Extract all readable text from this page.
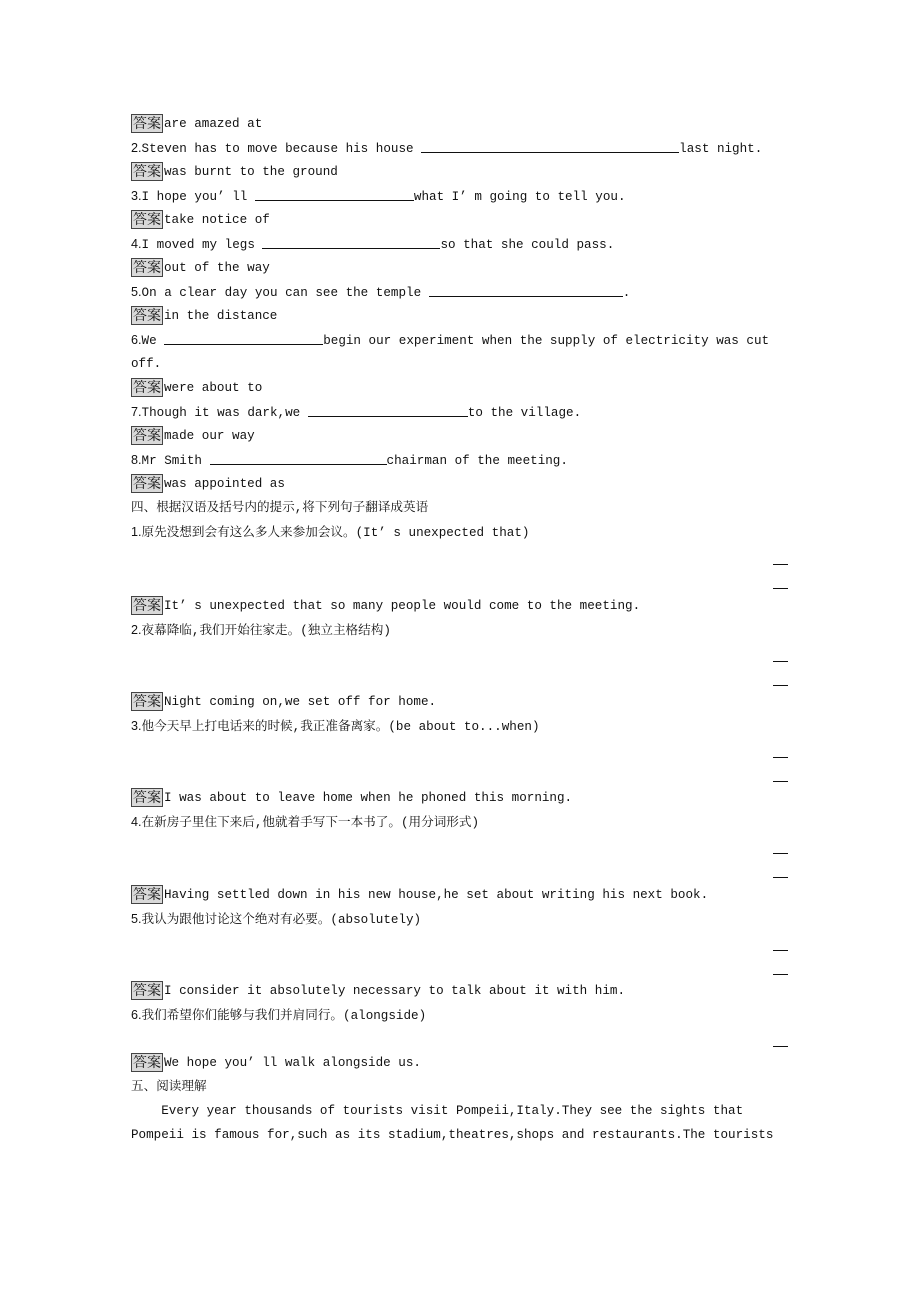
答案 are amazed at
2.Steven has to move because his house	last night.
答案 was burnt to the ground
3.I hope you’ ll	what I’ m going to tell you.
答案 take notice of
4.I moved my legs	so that she could pass.
答案 out of the way
5.On a clear day you can see the temple	.
答案 in the distance
6.We	begin our experiment when the supply of electricity was cut
off.
答案 were about to
7.Though it was dark,we	to the village.
答案 made our way
8.Mr Smith	chairman of the meeting.
答案 was appointed as
四、根据汉语及括号内的提示,将下列句子翻译成英语
1.原先没想到会有这么多人来参加会议。(It’ s unexpected that)
答案 It’ s unexpected that so many people would come to the meeting.
2.夜幕降临,我们开始往家走。(独立主格结构)
答案 Night coming on,we set off for home.
3.他今天早上打电话来的时候,我正准备离家。(be about to...when)
答案 I was about to leave home when he phoned this morning.
4.在新房子里住下来后,他就着手写下一本书了。(用分词形式)
答案 Having settled down in his new house,he set about writing his next book.
5.我认为跟他讨论这个绝对有必要。(absolutely)
答案 I consider it absolutely necessary to talk about it with him.
6.我们希望你们能够与我们并肩同行。(alongside)
答案 We hope you’ ll walk alongside us.
五、阅读理解
Every year thousands of tourists visit Pompeii,Italy.They see the sights that
Pompeii is famous for,such as its stadium,theatres,shops and restaurants.The tourists
